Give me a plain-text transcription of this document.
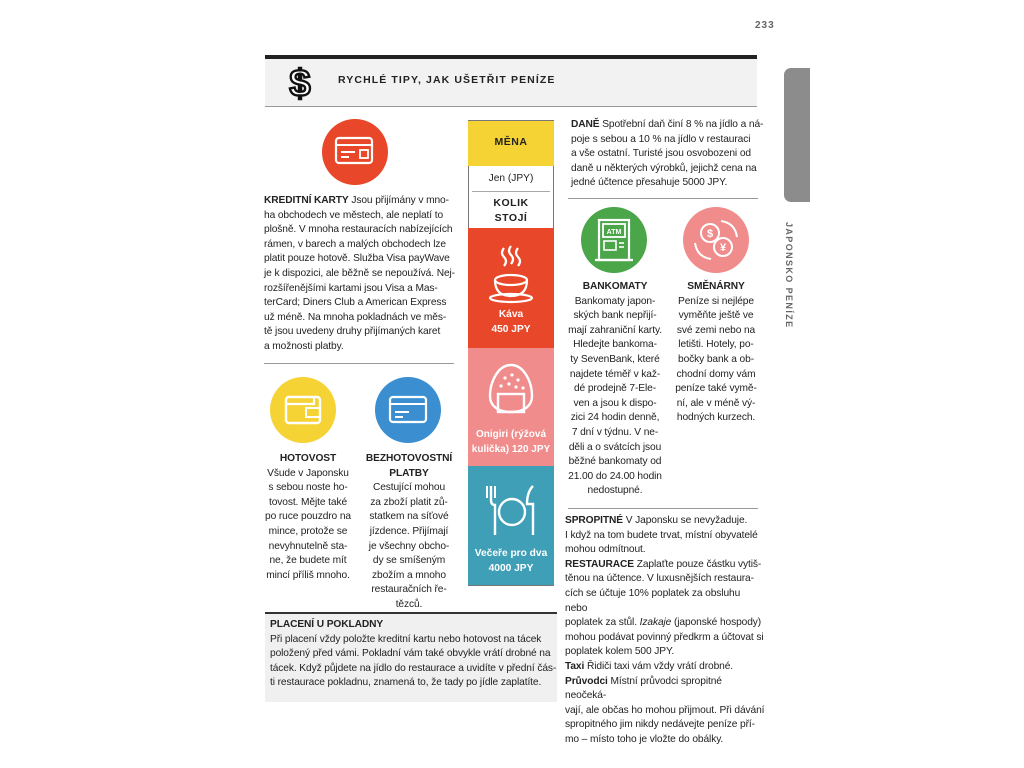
233
JAPONSKO PENÍZE
$	RYCHLÉ TIPY, JAK UŠETŘIT PENÍZE
KREDITNÍ KARTY Jsou přijímány v mno-
ha obchodech ve městech, ale neplatí to
plošně. V mnoha restauracích nabízejících
rámen, v barech a malých obchodech lze
platit pouze hotově. Služba Visa payWave
je k dispozici, ale běžně se nepoužívá. Nej-
rozšířenějšími kartami jsou Visa a Mas-
terCard; Diners Club a American Express
už méně. Na mnoha pokladnách ve měs-
tě jsou uvedeny druhy přijímaných karet
a možnosti platby.
HOTOVOST
Všude v Japonsku
s sebou noste ho-
tovost. Mějte také
po ruce pouzdro na
mince, protože se
nevyhnutelně sta-
ne, že budete mít
mincí příliš mnoho.
BEZHOTOVOSTNÍ
PLATBY
Cestující mohou
za zboží platit zů-
statkem na síťové
jízdence. Přijímají
je všechny obcho-
dy se smíšeným
zbožím a mnoho
restauračních ře-
tězců.
PLACENÍ U POKLADNY
Při placení vždy položte kreditní kartu nebo hotovost na tácek
položený před vámi. Pokladní vám také obvykle vrátí drobné na
tácek. Když půjdete na jídlo do restaurace a uvidíte v přední čás-
ti restaurace pokladnu, znamená to, že tady po jídle zaplatíte.
MĚNA
Jen (JPY)
KOLIK
STOJÍ
Káva
450 JPY
Onigiri (rýžová
kulička) 120 JPY
Večeře pro dva
4000 JPY
DANĚ Spotřební daň činí 8 % na jídlo a ná-
poje s sebou a 10 % na jídlo v restauraci
a vše ostatní. Turisté jsou osvobozeni od
daně u některých výrobků, jejichž cena na
jedné účtence přesahuje 5000 JPY.
ATM
BANKOMATY
Bankomaty japon-
ských bank nepřijí-
mají zahraniční karty.
Hledejte bankoma-
ty SevenBank, které
najdete téměř v kaž-
dé prodejně 7-Ele-
ven a jsou k dispo-
zici 24 hodin denně,
7 dní v týdnu. V ne-
děli a o svátcích jsou
běžné bankomaty od
21.00 do 24.00 hodin
nedostupné.
$
¥
SMĚNÁRNY
Peníze si nejlépe
vyměňte ještě ve
své zemi nebo na
letišti. Hotely, po-
bočky bank a ob-
chodní domy vám
peníze také vymě-
ní, ale v méně vý-
hodných kurzech.
SPROPITNÉ V Japonsku se nevyžaduje.
I když na tom budete trvat, místní obyvatelé
mohou odmítnout.
RESTAURACE Zaplaťte pouze částku vytiš-
těnou na účtence. V luxusnějších restaura-
cích se účtuje 10% poplatek za obsluhu nebo
poplatek za stůl. Izakaje (japonské hospody)
mohou podávat povinný předkrm a účtovat si
poplatek kolem 500 JPY.
Taxi Řidiči taxi vám vždy vrátí drobné.
Průvodci Místní průvodci spropitné neočeká-
vají, ale občas ho mohou přijmout. Při dávání
spropitného jim nikdy nedávejte peníze pří-
mo – místo toho je vložte do obálky.
